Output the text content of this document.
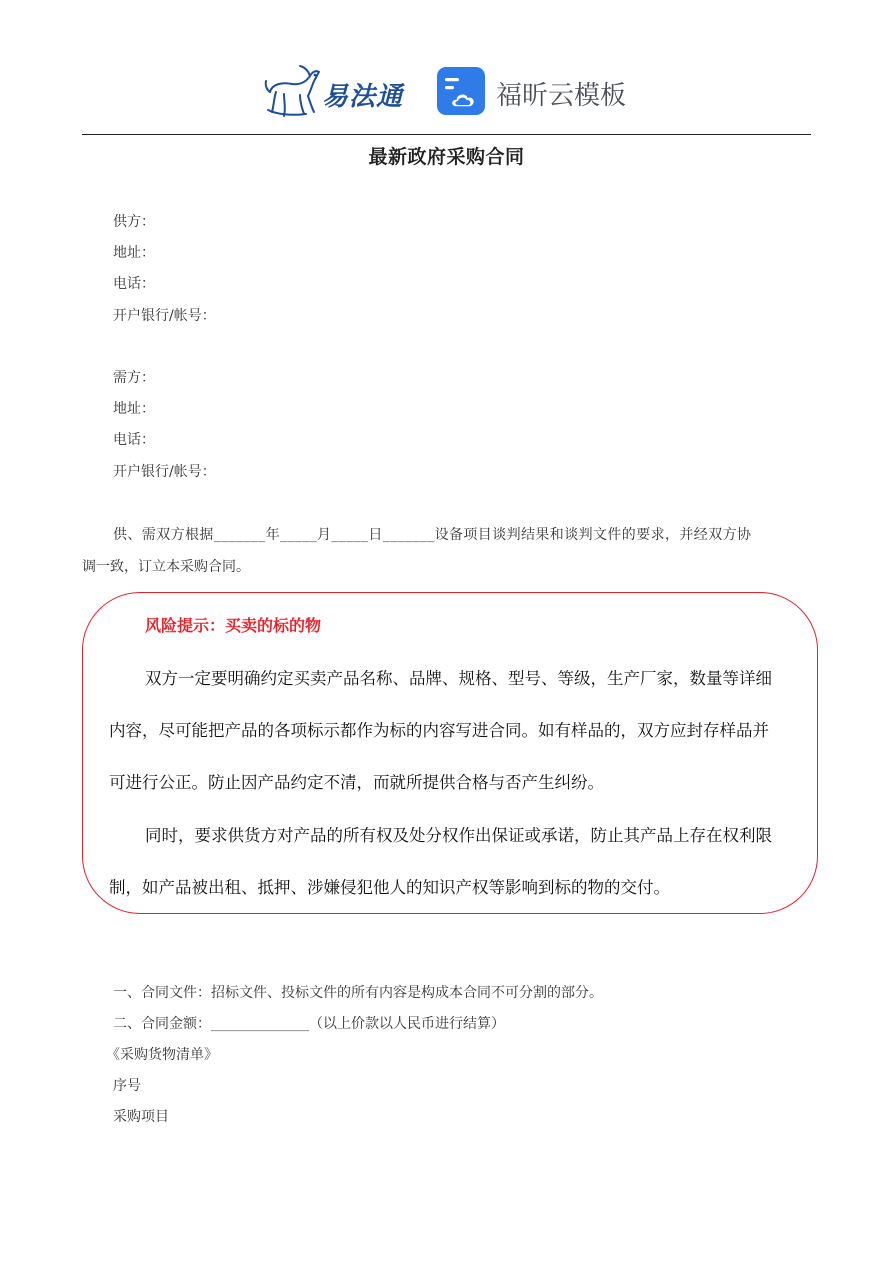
易法通	福昕云模板
最新政府采购合同
供方：
地址：
电话：
开户银行/帐号：
需方：
地址：
电话：
开户银行/帐号：
供、需双方根据_______年_____月_____日_______设备项目谈判结果和谈判文件的要求，并经双方协
调一致，订立本采购合同。
风险提示：买卖的标的物
双方一定要明确约定买卖产品名称、品牌、规格、型号、等级，生产厂家，数量等详细
内容，尽可能把产品的各项标示都作为标的内容写进合同。如有样品的，双方应封存样品并
可进行公正。防止因产品约定不清，而就所提供合格与否产生纠纷。
同时，要求供货方对产品的所有权及处分权作出保证或承诺，防止其产品上存在权利限
制，如产品被出租、抵押、涉嫌侵犯他人的知识产权等影响到标的物的交付。
一、合同文件：招标文件、投标文件的所有内容是构成本合同不可分割的部分。
二、合同金额：______________（以上价款以人民币进行结算）
《采购货物清单》
序号
采购项目
